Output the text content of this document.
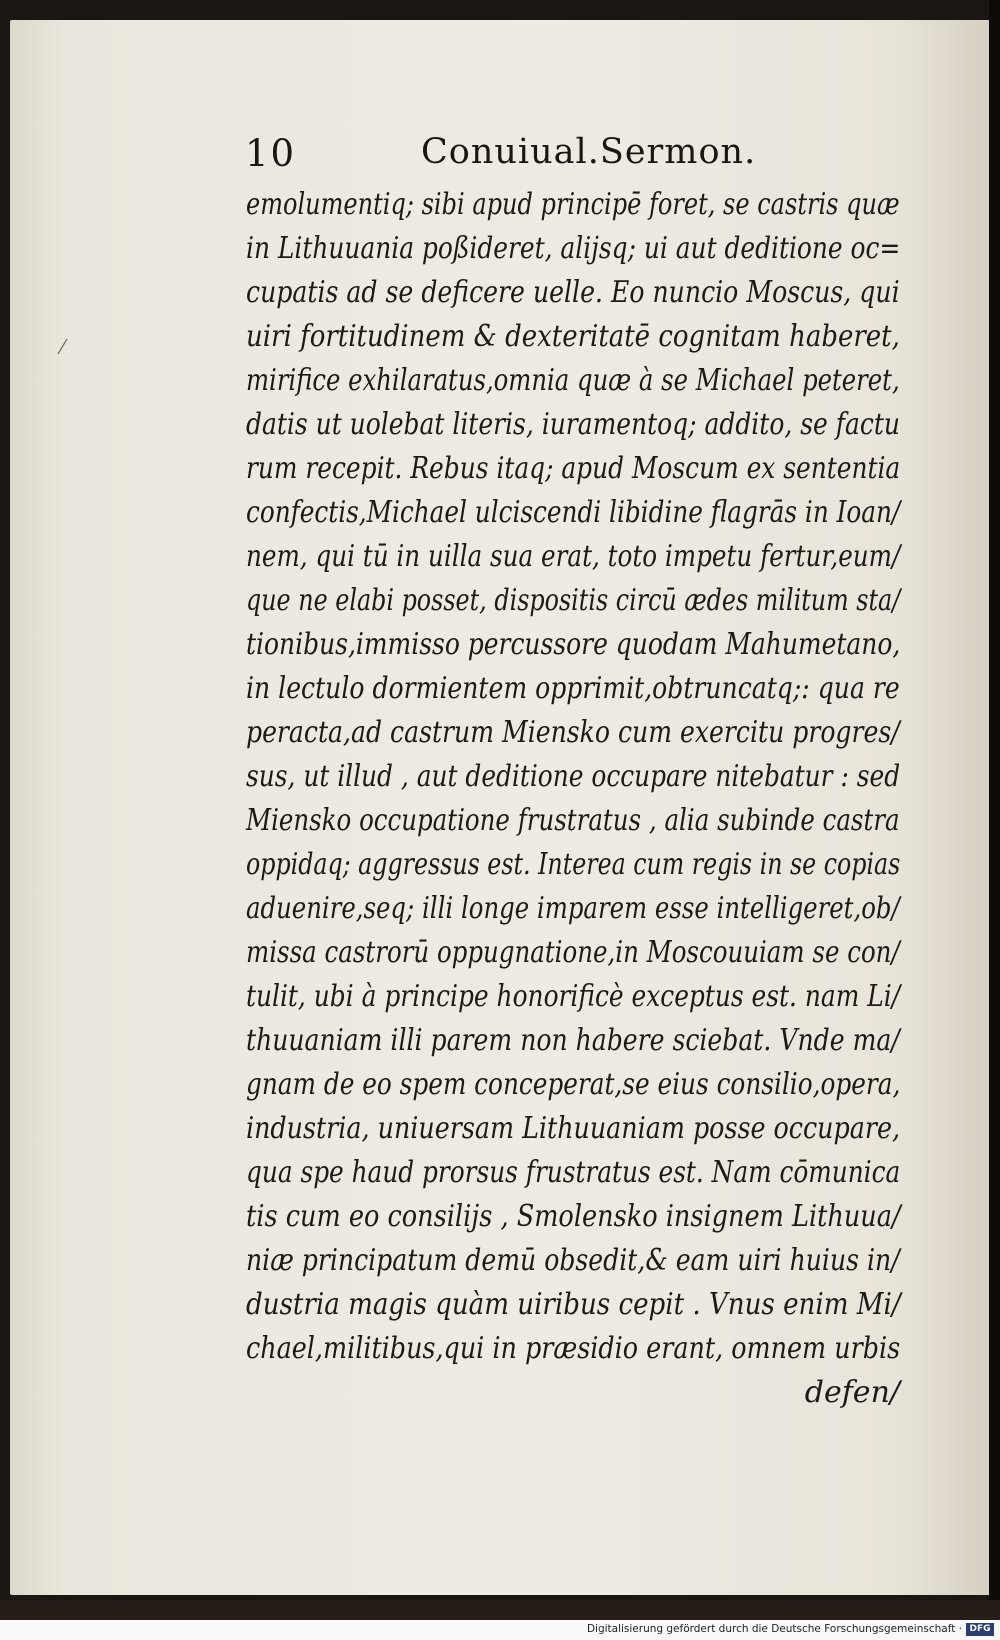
10	Conuiual.Sermon.
emolumentiq; sibi apud principē foret, se castris quæ
in Lithuuania poßideret, alijsq; ui aut deditione oc=
cupatis ad se deficere uelle. Eo nuncio Moscus, qui
uiri fortitudinem & dexteritatē cognitam haberet,
mirifice exhilaratus,omnia quæ à se Michael peteret,
datis ut uolebat literis, iuramentoq; addito, se factu
rum recepit. Rebus itaq; apud Moscum ex sententia
confectis,Michael ulciscendi libidine flagrās in Ioan/
nem, qui tū in uilla sua erat, toto impetu fertur,eum/
que ne elabi posset, dispositis circū ædes militum sta/
tionibus,immisso percussore quodam Mahumetano,
in lectulo dormientem opprimit,obtruncatq;: qua re
peracta,ad castrum Miensko cum exercitu progres/
sus, ut illud , aut deditione occupare nitebatur : sed
Miensko occupatione frustratus , alia subinde castra
oppidaq; aggressus est. Interea cum regis in se copias
aduenire,seq; illi longe imparem esse intelligeret,ob/
missa castrorū oppugnatione,in Moscouuiam se con/
tulit, ubi à principe honorificè exceptus est. nam Li/
thuuaniam illi parem non habere sciebat. Vnde ma/
gnam de eo spem conceperat,se eius consilio,opera,
industria, uniuersam Lithuuaniam posse occupare,
qua spe haud prorsus frustratus est. Nam cōmunica
tis cum eo consilijs , Smolensko insignem Lithuua/
niæ principatum demū obsedit,& eam uiri huius in/
dustria magis quàm uiribus cepit . Vnus enim Mi/
chael,militibus,qui in præsidio erant, omnem urbis
defen/
Digitalisierung gefördert durch die Deutsche Forschungsgemeinschaft · DFG
